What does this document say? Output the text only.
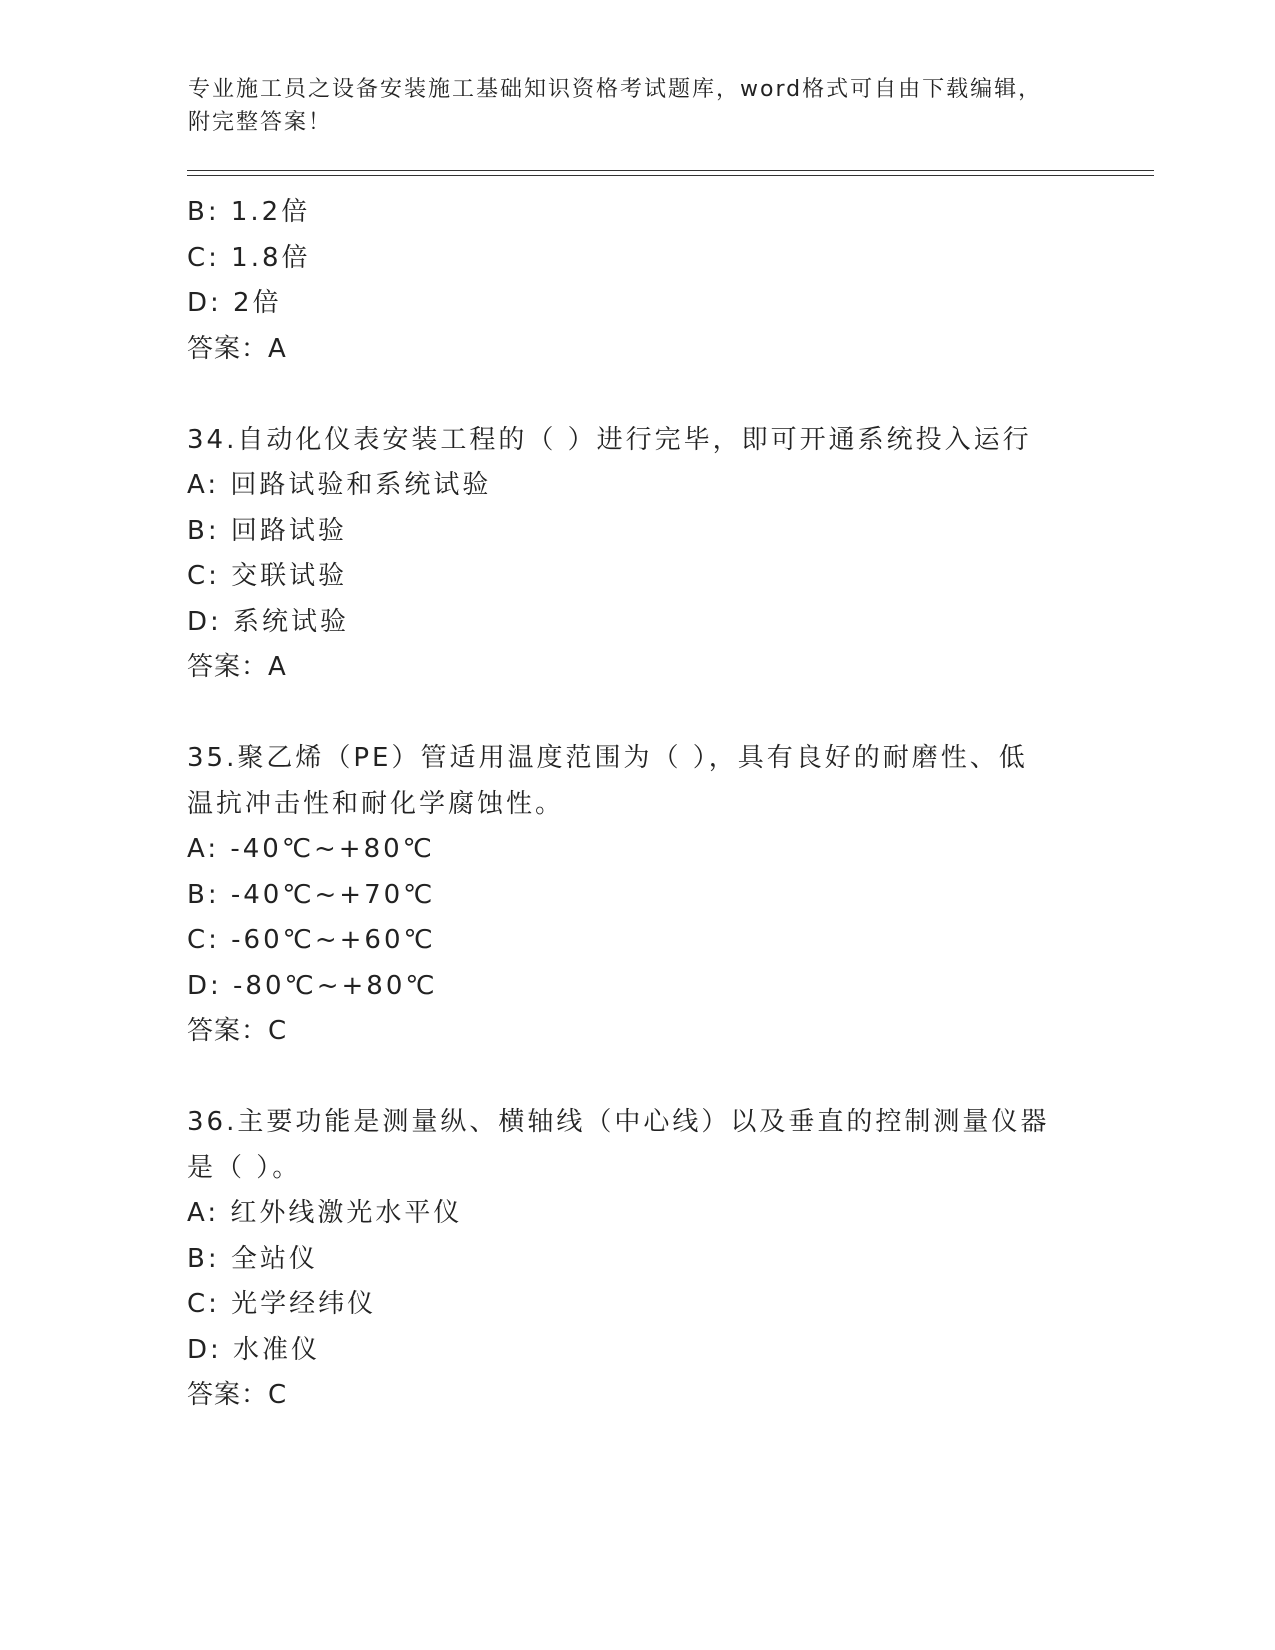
专业施工员之设备安装施工基础知识资格考试题库，word格式可自由下载编辑，
附完整答案！
B: 1.2倍
C: 1.8倍
D: 2倍
答案：A
34.自动化仪表安装工程的（ ）进行完毕，即可开通系统投入运行
A: 回路试验和系统试验
B: 回路试验
C: 交联试验
D: 系统试验
答案：A
35.聚乙烯（PE）管适用温度范围为（ ），具有良好的耐磨性、低温抗冲击性和耐化学腐蚀性。
A: -40℃~+80℃
B: -40℃~+70℃
C: -60℃~+60℃
D: -80℃~+80℃
答案：C
36.主要功能是测量纵、横轴线（中心线）以及垂直的控制测量仪器是（ ）。
A: 红外线激光水平仪
B: 全站仪
C: 光学经纬仪
D: 水准仪
答案：C
